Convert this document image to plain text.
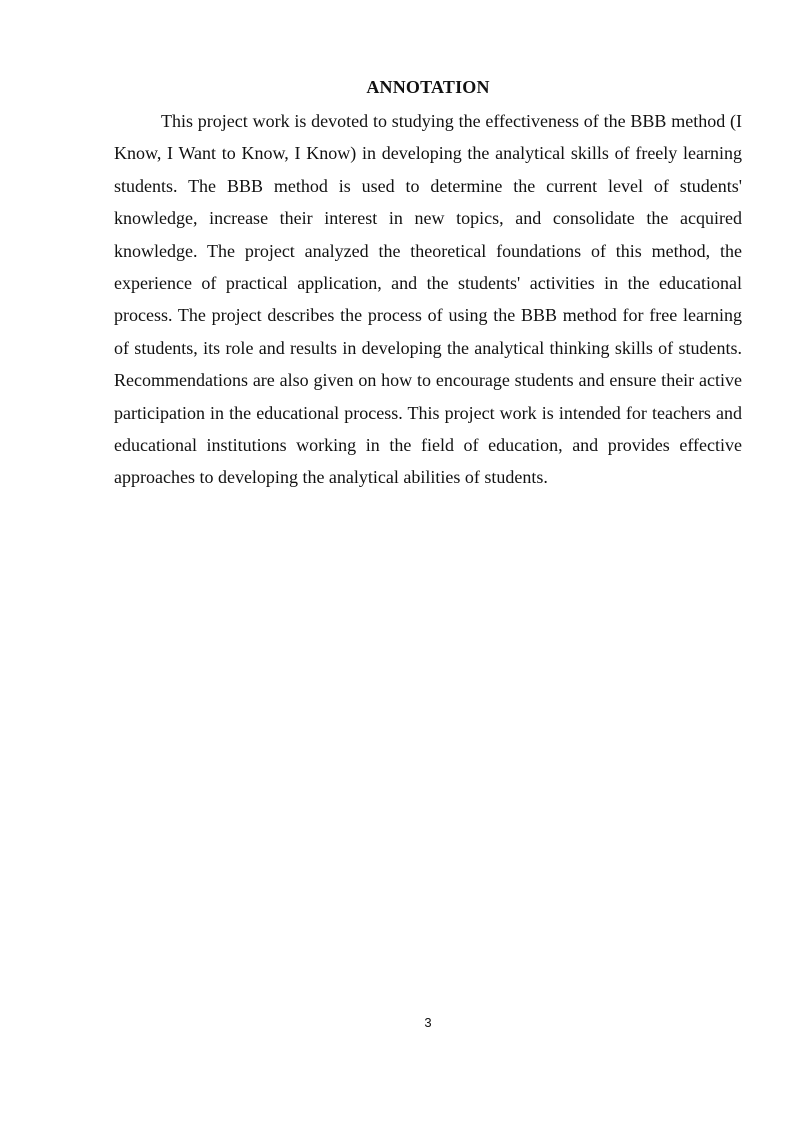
ANNOTATION

This project work is devoted to studying the effectiveness of the BBB method (I Know, I Want to Know, I Know) in developing the analytical skills of freely learning students. The BBB method is used to determine the current level of students' knowledge, increase their interest in new topics, and consolidate the acquired knowledge. The project analyzed the theoretical foundations of this method, the experience of practical application, and the students' activities in the educational process. The project describes the process of using the BBB method for free learning of students, its role and results in developing the analytical thinking skills of students. Recommendations are also given on how to encourage students and ensure their active participation in the educational process. This project work is intended for teachers and educational institutions working in the field of education, and provides effective approaches to developing the analytical abilities of students.

3
